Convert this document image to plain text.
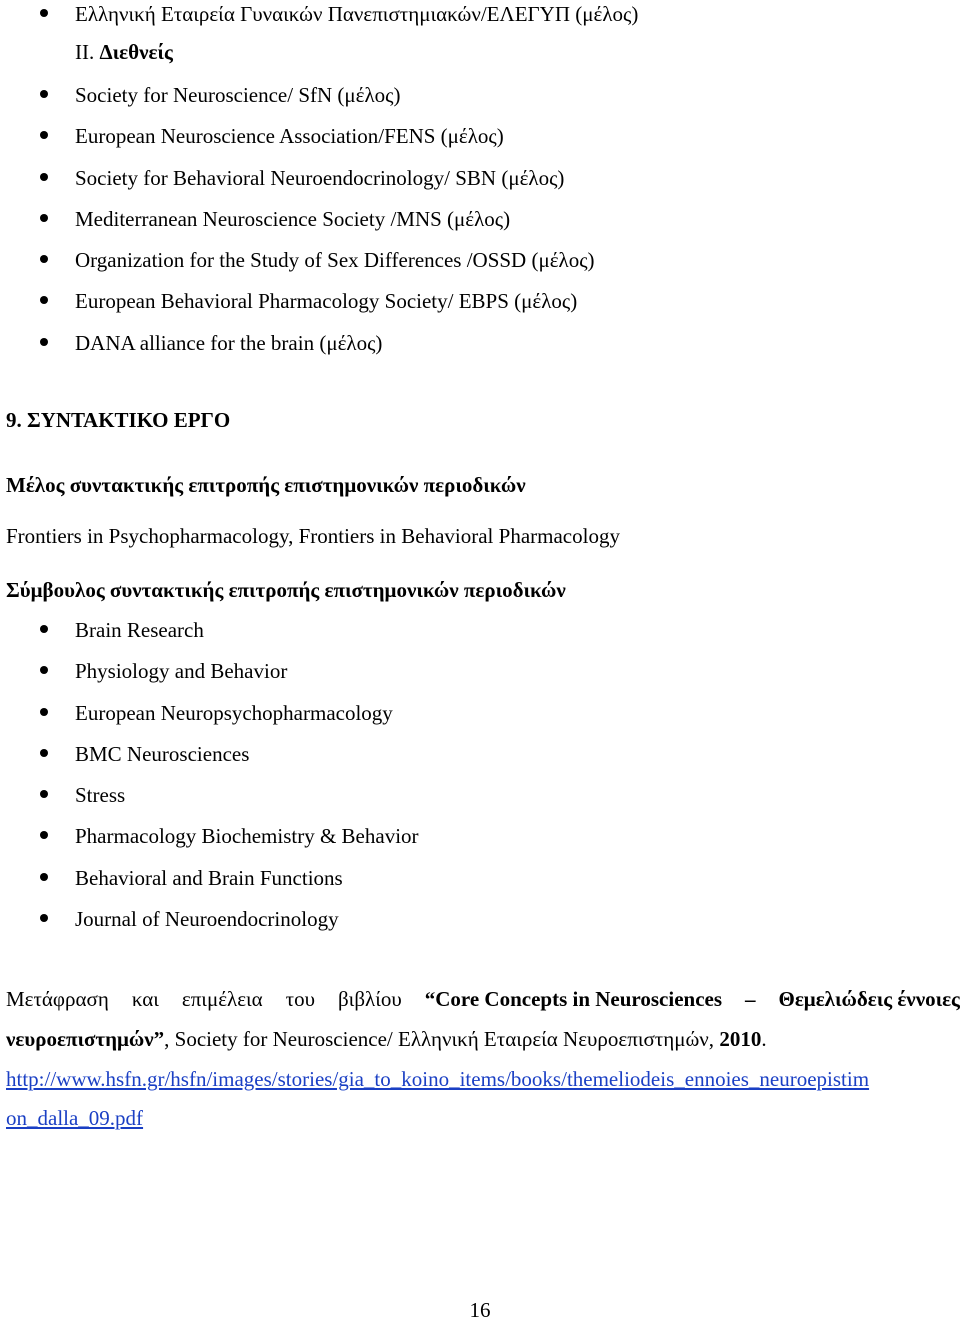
Ελληνική Εταιρεία Γυναικών Πανεπιστημιακών/ΕΛΕΓΥΠ (μέλος)
II. Διεθνείς
Society for Neuroscience/ SfN (μέλος)
European Neuroscience Association/FENS (μέλος)
Society for Behavioral Neuroendocrinology/ SBN (μέλος)
Mediterranean Neuroscience Society /MNS (μέλος)
Organization for the Study of Sex Differences /OSSD (μέλος)
European Behavioral Pharmacology Society/ EBPS (μέλος)
DANA alliance for the brain (μέλος)
9. ΣΥΝΤΑΚΤΙΚΟ ΕΡΓΟ
Μέλος συντακτικής επιτροπής επιστημονικών περιοδικών
Frontiers in Psychopharmacology, Frontiers in Behavioral Pharmacology
Σύμβουλος συντακτικής επιτροπής επιστημονικών περιοδικών
Brain Research
Physiology and Behavior
European Neuropsychopharmacology
BMC Neurosciences
Stress
Pharmacology Biochemistry & Behavior
Behavioral and Brain Functions
Journal of Neuroendocrinology
Μετάφραση και επιμέλεια του βιβλίου “Core Concepts in Neurosciences – Θεμελιώδεις έννοιες
νευροεπιστημών”, Society for Neuroscience/ Ελληνική Εταιρεία Νευροεπιστημών, 2010.
http://www.hsfn.gr/hsfn/images/stories/gia_to_koino_items/books/themeliodeis_ennoies_neuroepistim
on_dalla_09.pdf
16
